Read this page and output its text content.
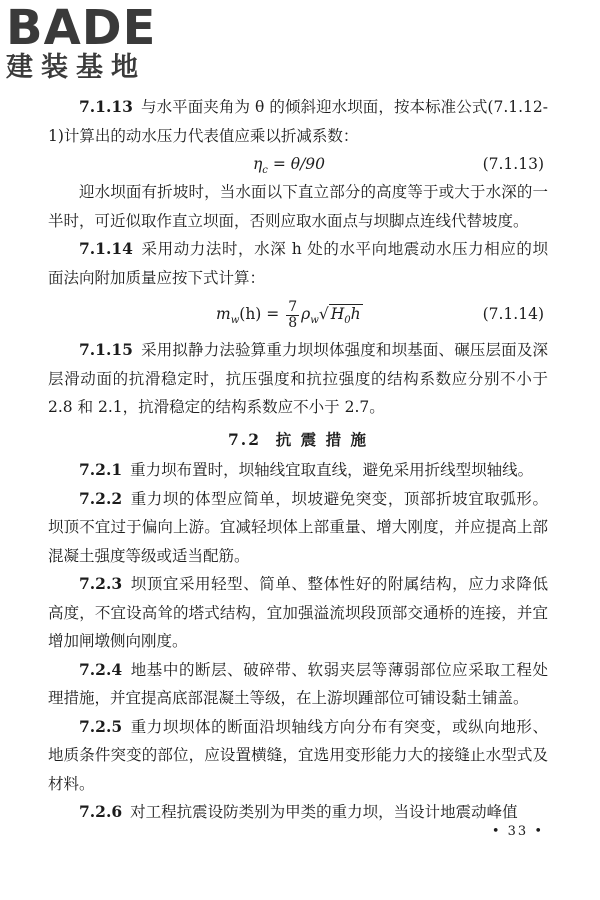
BADE
建装基地

7.1.13 与水平面夹角为 θ 的倾斜迎水坝面，按本标准公式(7.1.12-1)计算出的动水压力代表值应乘以折减系数：

$\eta_c = \theta/90$	(7.1.13)

迎水坝面有折坡时，当水面以下直立部分的高度等于或大于水深的一半时，可近似取作直立坝面，否则应取水面点与坝脚点连线代替坡度。

7.1.14 采用动力法时，水深 h 处的水平向地震动水压力相应的坝面法向附加质量应按下式计算：

$m_w(h) = \frac{7}{8} \rho_w√$ $H_0h$	(7.1.14)

7.1.15 采用拟静力法验算重力坝坝体强度和坝基面、碾压层面及深层滑动面的抗滑稳定时，抗压强度和抗拉强度的结构系数应分别不小于 2.8 和 2.1，抗滑稳定的结构系数应不小于 2.7。

7.2 抗 震 措 施

7.2.1 重力坝布置时，坝轴线宜取直线，避免采用折线型坝轴线。

7.2.2 重力坝的体型应简单，坝坡避免突变，顶部折坡宜取弧形。坝顶不宜过于偏向上游。宜减轻坝体上部重量、增大刚度，并应提高上部混凝土强度等级或适当配筋。

7.2.3 坝顶宜采用轻型、简单、整体性好的附属结构，应力求降低高度，不宜设高耸的塔式结构，宜加强溢流坝段顶部交通桥的连接，并宜增加闸墩侧向刚度。

7.2.4 地基中的断层、破碎带、软弱夹层等薄弱部位应采取工程处理措施，并宜提高底部混凝土等级，在上游坝踵部位可铺设黏土铺盖。

7.2.5 重力坝坝体的断面沿坝轴线方向分布有突变，或纵向地形、地质条件突变的部位，应设置横缝，宜选用变形能力大的接缝止水型式及材料。

7.2.6 对工程抗震设防类别为甲类的重力坝，当设计地震动峰值

• 33 •
